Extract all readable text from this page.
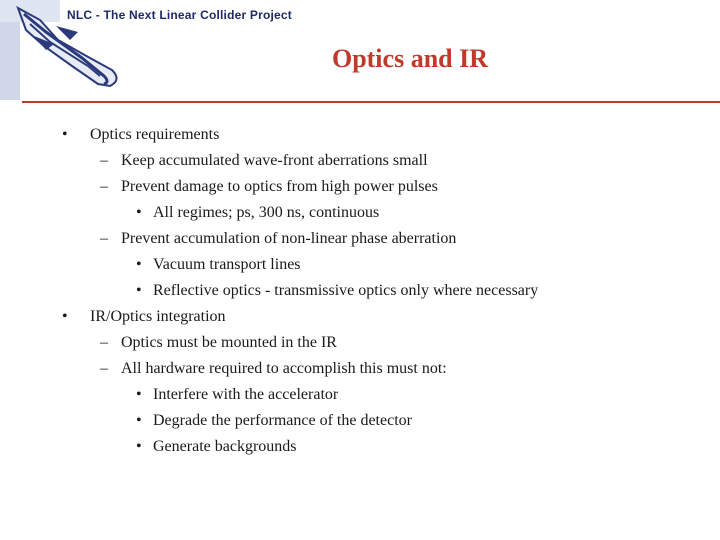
NLC - The Next Linear Collider Project
Optics and IR
• Optics requirements
– Keep accumulated wave-front aberrations small
– Prevent damage to optics from high power pulses
• All regimes; ps, 300 ns, continuous
– Prevent accumulation of non-linear phase aberration
• Vacuum transport lines
• Reflective optics - transmissive optics only where necessary
• IR/Optics integration
– Optics must be mounted in the IR
– All hardware required to accomplish this must not:
• Interfere with the accelerator
• Degrade the performance of the detector
• Generate backgrounds
